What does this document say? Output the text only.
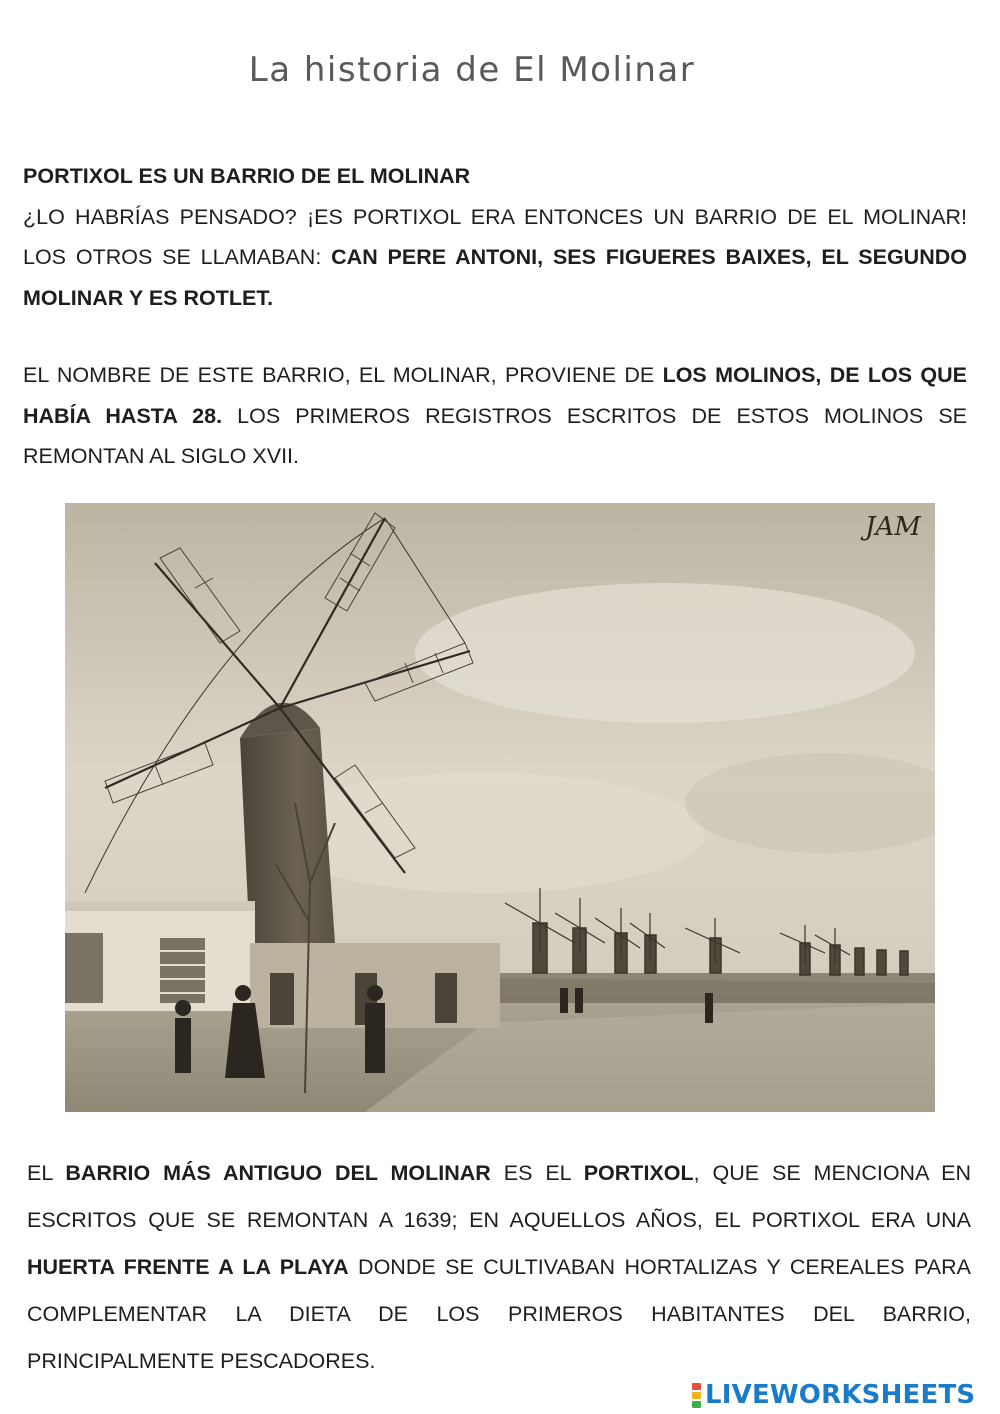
La historia de El Molinar

PORTIXOL ES UN BARRIO DE EL MOLINAR

¿LO HABRÍAS PENSADO? ¡ES PORTIXOL ERA ENTONCES UN BARRIO DE EL MOLINAR! LOS OTROS SE LLAMABAN: CAN PERE ANTONI, SES FIGUERES BAIXES, EL SEGUNDO MOLINAR Y ES ROTLET.

EL NOMBRE DE ESTE BARRIO, EL MOLINAR, PROVIENE DE LOS MOLINOS, DE LOS QUE HABÍA HASTA 28. LOS PRIMEROS REGISTROS ESCRITOS DE ESTOS MOLINOS SE REMONTAN AL SIGLO XVII.

JAM

EL BARRIO MÁS ANTIGUO DEL MOLINAR ES EL PORTIXOL, QUE SE MENCIONA EN ESCRITOS QUE SE REMONTAN A 1639; EN AQUELLOS AÑOS, EL PORTIXOL ERA UNA HUERTA FRENTE A LA PLAYA DONDE SE CULTIVABAN HORTALIZAS Y CEREALES PARA COMPLEMENTAR LA DIETA DE LOS PRIMEROS HABITANTES DEL BARRIO, PRINCIPALMENTE PESCADORES.

LIVEWORKSHEETS
